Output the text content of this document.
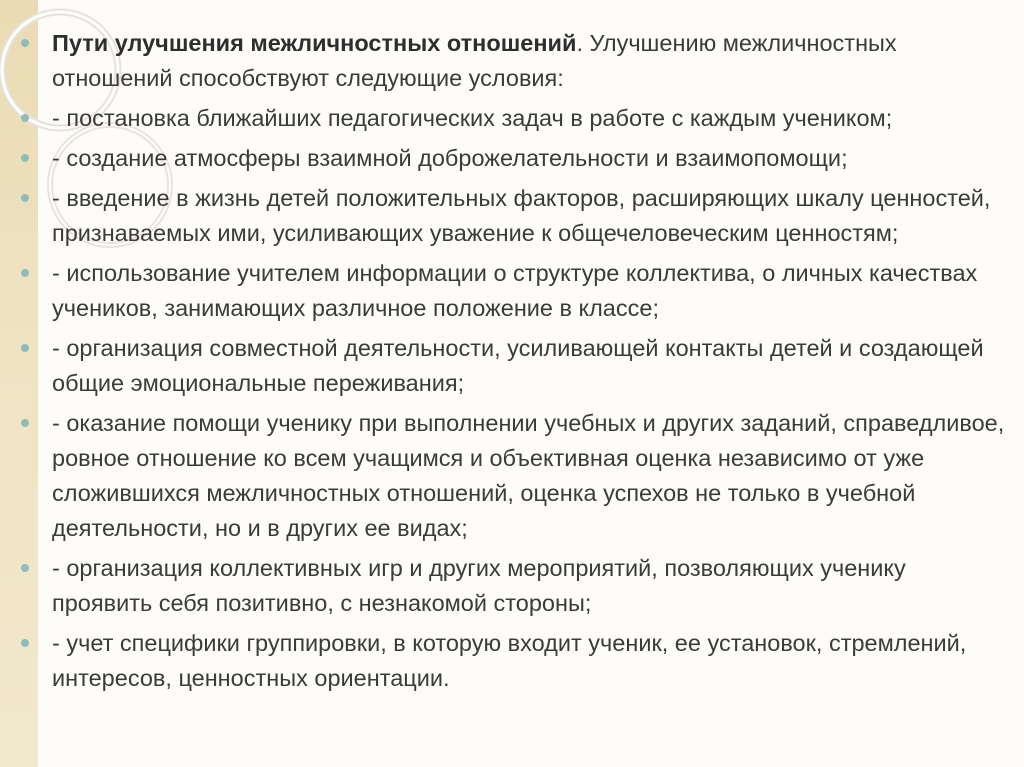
Пути улучшения межличностных отношений. Улучшению межличностных отношений способствуют следующие условия:
- постановка ближайших педагогических задач в работе с каждым учеником;
- создание атмосферы взаимной доброжелательности и взаимопомощи;
- введение в жизнь детей положительных факторов, расширяющих шкалу ценностей, признаваемых ими, усиливающих уважение к общечеловеческим ценностям;
- использование учителем информации о структуре коллектива, о личных качествах учеников, занимающих различное положение в классе;
- организация совместной деятельности, усиливающей контакты детей и создающей общие эмоциональные переживания;
- оказание помощи ученику при выполнении учебных и других заданий, справедливое, ровное отношение ко всем учащимся и объективная оценка независимо от уже сложившихся межличностных отношений, оценка успехов не только в учебной деятельности, но и в других ее видах;
- организация коллективных игр и других мероприятий, позволяющих ученику проявить себя позитивно, с незнакомой стороны;
- учет специфики группировки, в которую входит ученик, ее установок, стремлений, интересов, ценностных ориентации.
